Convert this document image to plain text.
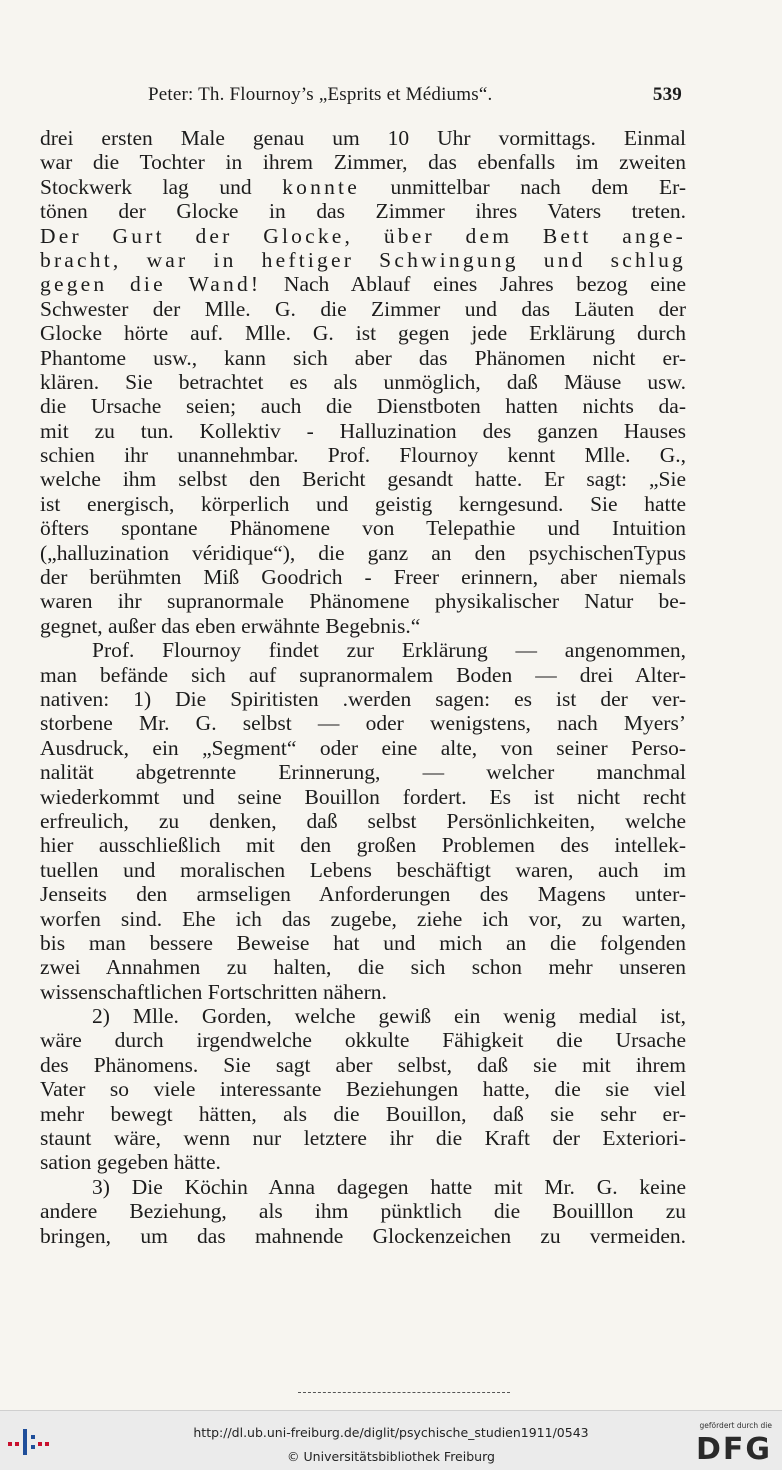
Peter: Th. Flournoy’s „Esprits et Médiums“.	539
drei ersten Male genau um 10 Uhr vormittags. Einmal
war die Tochter in ihrem Zimmer, das ebenfalls im zweiten
Stockwerk lag und konnte unmittelbar nach dem Er-
tönen der Glocke in das Zimmer ihres Vaters treten.
Der Gurt der Glocke, über dem Bett ange-
bracht, war in heftiger Schwingung und schlug
gegen die Wand! Nach Ablauf eines Jahres bezog eine
Schwester der Mlle. G. die Zimmer und das Läuten der
Glocke hörte auf. Mlle. G. ist gegen jede Erklärung durch
Phantome usw., kann sich aber das Phänomen nicht er-
klären. Sie betrachtet es als unmöglich, daß Mäuse usw.
die Ursache seien; auch die Dienstboten hatten nichts da-
mit zu tun. Kollektiv - Halluzination des ganzen Hauses
schien ihr unannehmbar. Prof. Flournoy kennt Mlle. G.,
welche ihm selbst den Bericht gesandt hatte. Er sagt: „Sie
ist energisch, körperlich und geistig kerngesund. Sie hatte
öfters spontane Phänomene von Telepathie und Intuition
(„halluzination véridique“), die ganz an den psychischenTypus
der berühmten Miß Goodrich - Freer erinnern, aber niemals
waren ihr supranormale Phänomene physikalischer Natur be-
gegnet, außer das eben erwähnte Begebnis.“
Prof. Flournoy findet zur Erklärung — angenommen,
man befände sich auf supranormalem Boden — drei Alter-
nativen: 1) Die Spiritisten .werden sagen: es ist der ver-
storbene Mr. G. selbst — oder wenigstens, nach Myers’
Ausdruck, ein „Segment“ oder eine alte, von seiner Perso-
nalität abgetrennte Erinnerung, — welcher manchmal
wiederkommt und seine Bouillon fordert. Es ist nicht recht
erfreulich, zu denken, daß selbst Persönlichkeiten, welche
hier ausschließlich mit den großen Problemen des intellek-
tuellen und moralischen Lebens beschäftigt waren, auch im
Jenseits den armseligen Anforderungen des Magens unter-
worfen sind. Ehe ich das zugebe, ziehe ich vor, zu warten,
bis man bessere Beweise hat und mich an die folgenden
zwei Annahmen zu halten, die sich schon mehr unseren
wissenschaftlichen Fortschritten nähern.
2) Mlle. Gorden, welche gewiß ein wenig medial ist,
wäre durch irgendwelche okkulte Fähigkeit die Ursache
des Phänomens. Sie sagt aber selbst, daß sie mit ihrem
Vater so viele interessante Beziehungen hatte, die sie viel
mehr bewegt hätten, als die Bouillon, daß sie sehr er-
staunt wäre, wenn nur letztere ihr die Kraft der Exteriori-
sation gegeben hätte.
3) Die Köchin Anna dagegen hatte mit Mr. G. keine
andere Beziehung, als ihm pünktlich die Bouilllon zu
bringen, um das mahnende Glockenzeichen zu vermeiden.
http://dl.ub.uni-freiburg.de/diglit/psychische_studien1911/0543
© Universitätsbibliothek Freiburg
gefördert durch die
DFG
